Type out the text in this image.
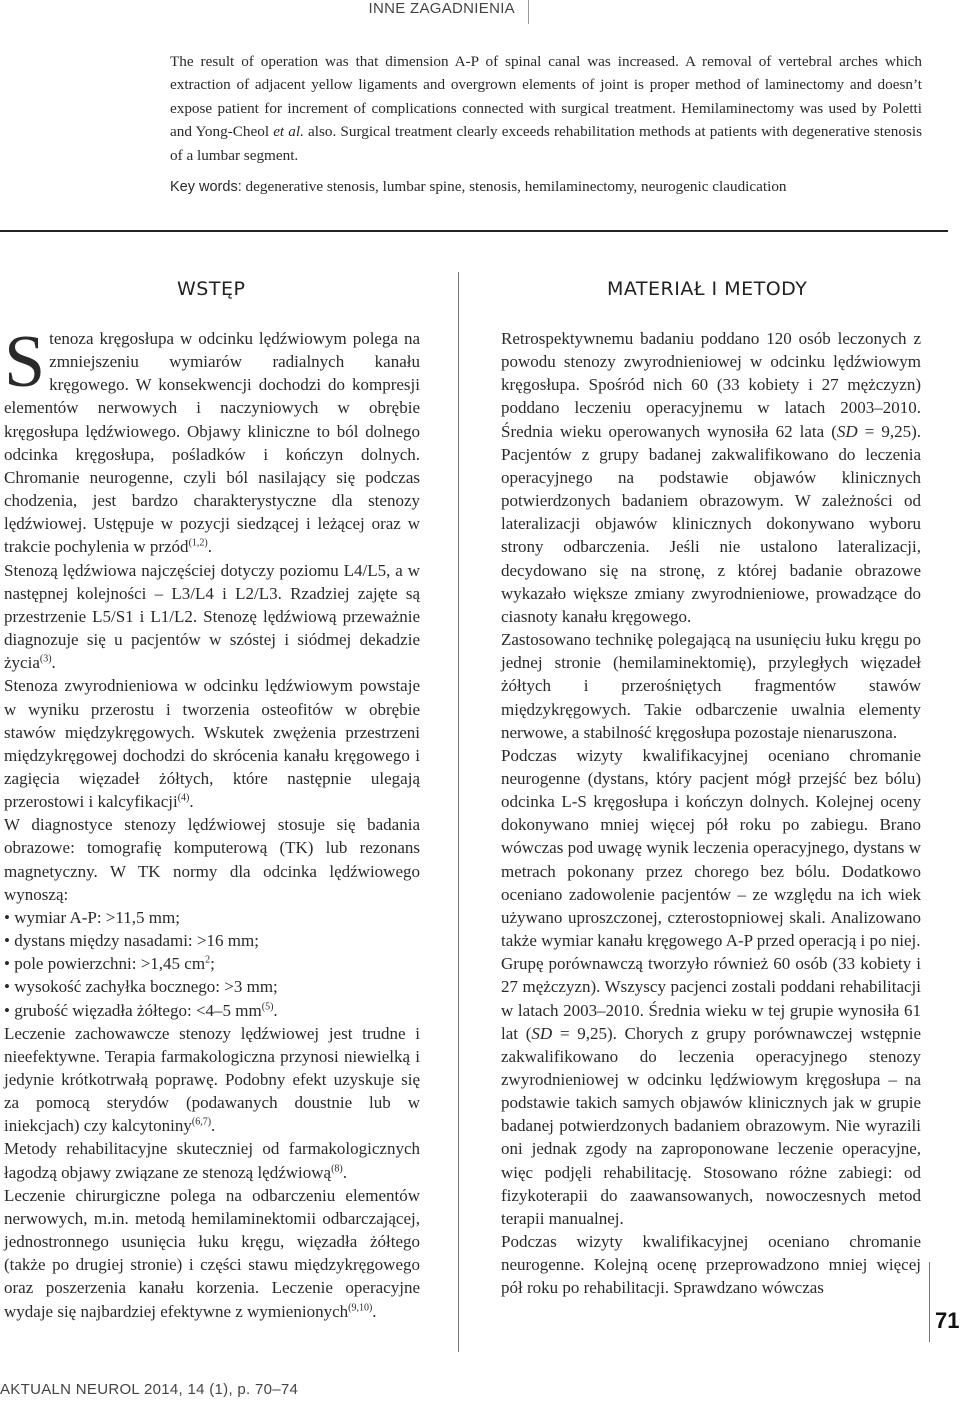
INNE ZAGADNIENIA
The result of operation was that dimension A-P of spinal canal was increased. A removal of vertebral arches which extraction of adjacent yellow ligaments and overgrown elements of joint is proper method of laminectomy and doesn’t expose patient for increment of complications connected with surgical treatment. Hemilaminectomy was used by Poletti and Yong-Cheol et al. also. Surgical treatment clearly exceeds rehabilitation methods at patients with degenerative stenosis of a lumbar segment.
Key words: degenerative stenosis, lumbar spine, stenosis, hemilaminectomy, neurogenic claudication
WSTĘP	MATERIAŁ I METODY

Stenoza kręgosłupa w odcinku lędźwiowym polega na zmniejszeniu wymiarów radialnych kanału kręgowego. W konsekwencji dochodzi do kompresji elementów nerwowych i naczyniowych w obrębie kręgosłupa lędźwiowego. Objawy kliniczne to ból dolnego odcinka kręgosłupa, pośladków i kończyn dolnych. Chromanie neurogenne, czyli ból nasilający się podczas chodzenia, jest bardzo charakterystyczne dla stenozy lędźwiowej. Ustępuje w pozycji siedzącej i leżącej oraz w trakcie pochylenia w przód$^{(1,2)}$.

Stenozą lędźwiowa najczęściej dotyczy poziomu L4/L5, a w następnej kolejności – L3/L4 i L2/L3. Rzadziej zajęte są przestrzenie L5/S1 i L1/L2. Stenozę lędźwiową przeważnie diagnozuje się u pacjentów w szóstej i siódmej dekadzie życia$^{(3)}$.

Stenoza zwyrodnieniowa w odcinku lędźwiowym powstaje w wyniku przerostu i tworzenia osteofitów w obrębie stawów międzykręgowych. Wskutek zwężenia przestrzeni międzykręgowej dochodzi do skrócenia kanału kręgowego i zagięcia więzadeł żółtych, które następnie ulegają przerostowi i kalcyfikacji$^{(4)}$.

W diagnostyce stenozy lędźwiowej stosuje się badania obrazowe: tomografię komputerową (TK) lub rezonans magnetyczny. W TK normy dla odcinka lędźwiowego wynoszą:

• wymiar A-P: >11,5 mm;
• dystans między nasadami: >16 mm;
• pole powierzchni: >1,45 $cm^2$;
• wysokość zachyłka bocznego: >3 mm;
• grubość więzadła żółtego: <4–5 $mm^{(5)}$.

Leczenie zachowawcze stenozy lędźwiowej jest trudne i nieefektywne. Terapia farmakologiczna przynosi niewielką i jedynie krótkotrwałą poprawę. Podobny efekt uzyskuje się za pomocą sterydów (podawanych doustnie lub w iniekcjach) czy kalcytoniny$^{(6,7)}$.

Metody rehabilitacyjne skuteczniej od farmakologicznych łagodzą objawy związane ze stenozą lędźwiową$^{(8)}$.

Leczenie chirurgiczne polega na odbarczeniu elementów nerwowych, m.in. metodą hemilaminektomii odbarczającej, jednostronnego usunięcia łuku kręgu, więzadła żółtego (także po drugiej stronie) i części stawu międzykręgowego oraz poszerzenia kanału korzenia. Leczenie operacyjne wydaje się najbardziej efektywne z wymienionych$^{(9,10)}$.

Retrospektywnemu badaniu poddano 120 osób leczonych z powodu stenozy zwyrodnieniowej w odcinku lędźwiowym kręgosłupa. Spośród nich 60 (33 kobiety i 27 mężczyzn) poddano leczeniu operacyjnemu w latach 2003–2010. Średnia wieku operowanych wynosiła 62 lata (SD = 9,25). Pacjentów z grupy badanej zakwalifikowano do leczenia operacyjnego na podstawie objawów klinicznych potwierdzonych badaniem obrazowym. W zależności od lateralizacji objawów klinicznych dokonywano wyboru strony odbarczenia. Jeśli nie ustalono lateralizacji, decydowano się na stronę, z której badanie obrazowe wykazało większe zmiany zwyrodnieniowe, prowadzące do ciasnoty kanału kręgowego.

Zastosowano technikę polegającą na usunięciu łuku kręgu po jednej stronie (hemilaminektomię), przyległych więzadeł żółtych i przerośniętych fragmentów stawów międzykręgowych. Takie odbarczenie uwalnia elementy nerwowe, a stabilność kręgosłupa pozostaje nienaruszona.

Podczas wizyty kwalifikacyjnej oceniano chromanie neurogenne (dystans, który pacjent mógł przejść bez bólu) odcinka L-S kręgosłupa i kończyn dolnych. Kolejnej oceny dokonywano mniej więcej pół roku po zabiegu. Brano wówczas pod uwagę wynik leczenia operacyjnego, dystans w metrach pokonany przez chorego bez bólu. Dodatkowo oceniano zadowolenie pacjentów – ze względu na ich wiek używano uproszczonej, czterostopniowej skali. Analizowano także wymiar kanału kręgowego A-P przed operacją i po niej.

Grupę porównawczą tworzyło również 60 osób (33 kobiety i 27 mężczyzn). Wszyscy pacjenci zostali poddani rehabilitacji w latach 2003–2010. Średnia wieku w tej grupie wynosiła 61 lat (SD = 9,25). Chorych z grupy porównawczej wstępnie zakwalifikowano do leczenia operacyjnego stenozy zwyrodnieniowej w odcinku lędźwiowym kręgosłupa – na podstawie takich samych objawów klinicznych jak w grupie badanej potwierdzonych badaniem obrazowym. Nie wyrazili oni jednak zgody na zaproponowane leczenie operacyjne, więc podjęli rehabilitację. Stosowano różne zabiegi: od fizykoterapii do zaawansowanych, nowoczesnych metod terapii manualnej.

Podczas wizyty kwalifikacyjnej oceniano chromanie neurogenne. Kolejną ocenę przeprowadzono mniej więcej pół roku po rehabilitacji. Sprawdzano wówczas

71
AKTUALN NEUROL 2014, 14 (1), p. 70–74
